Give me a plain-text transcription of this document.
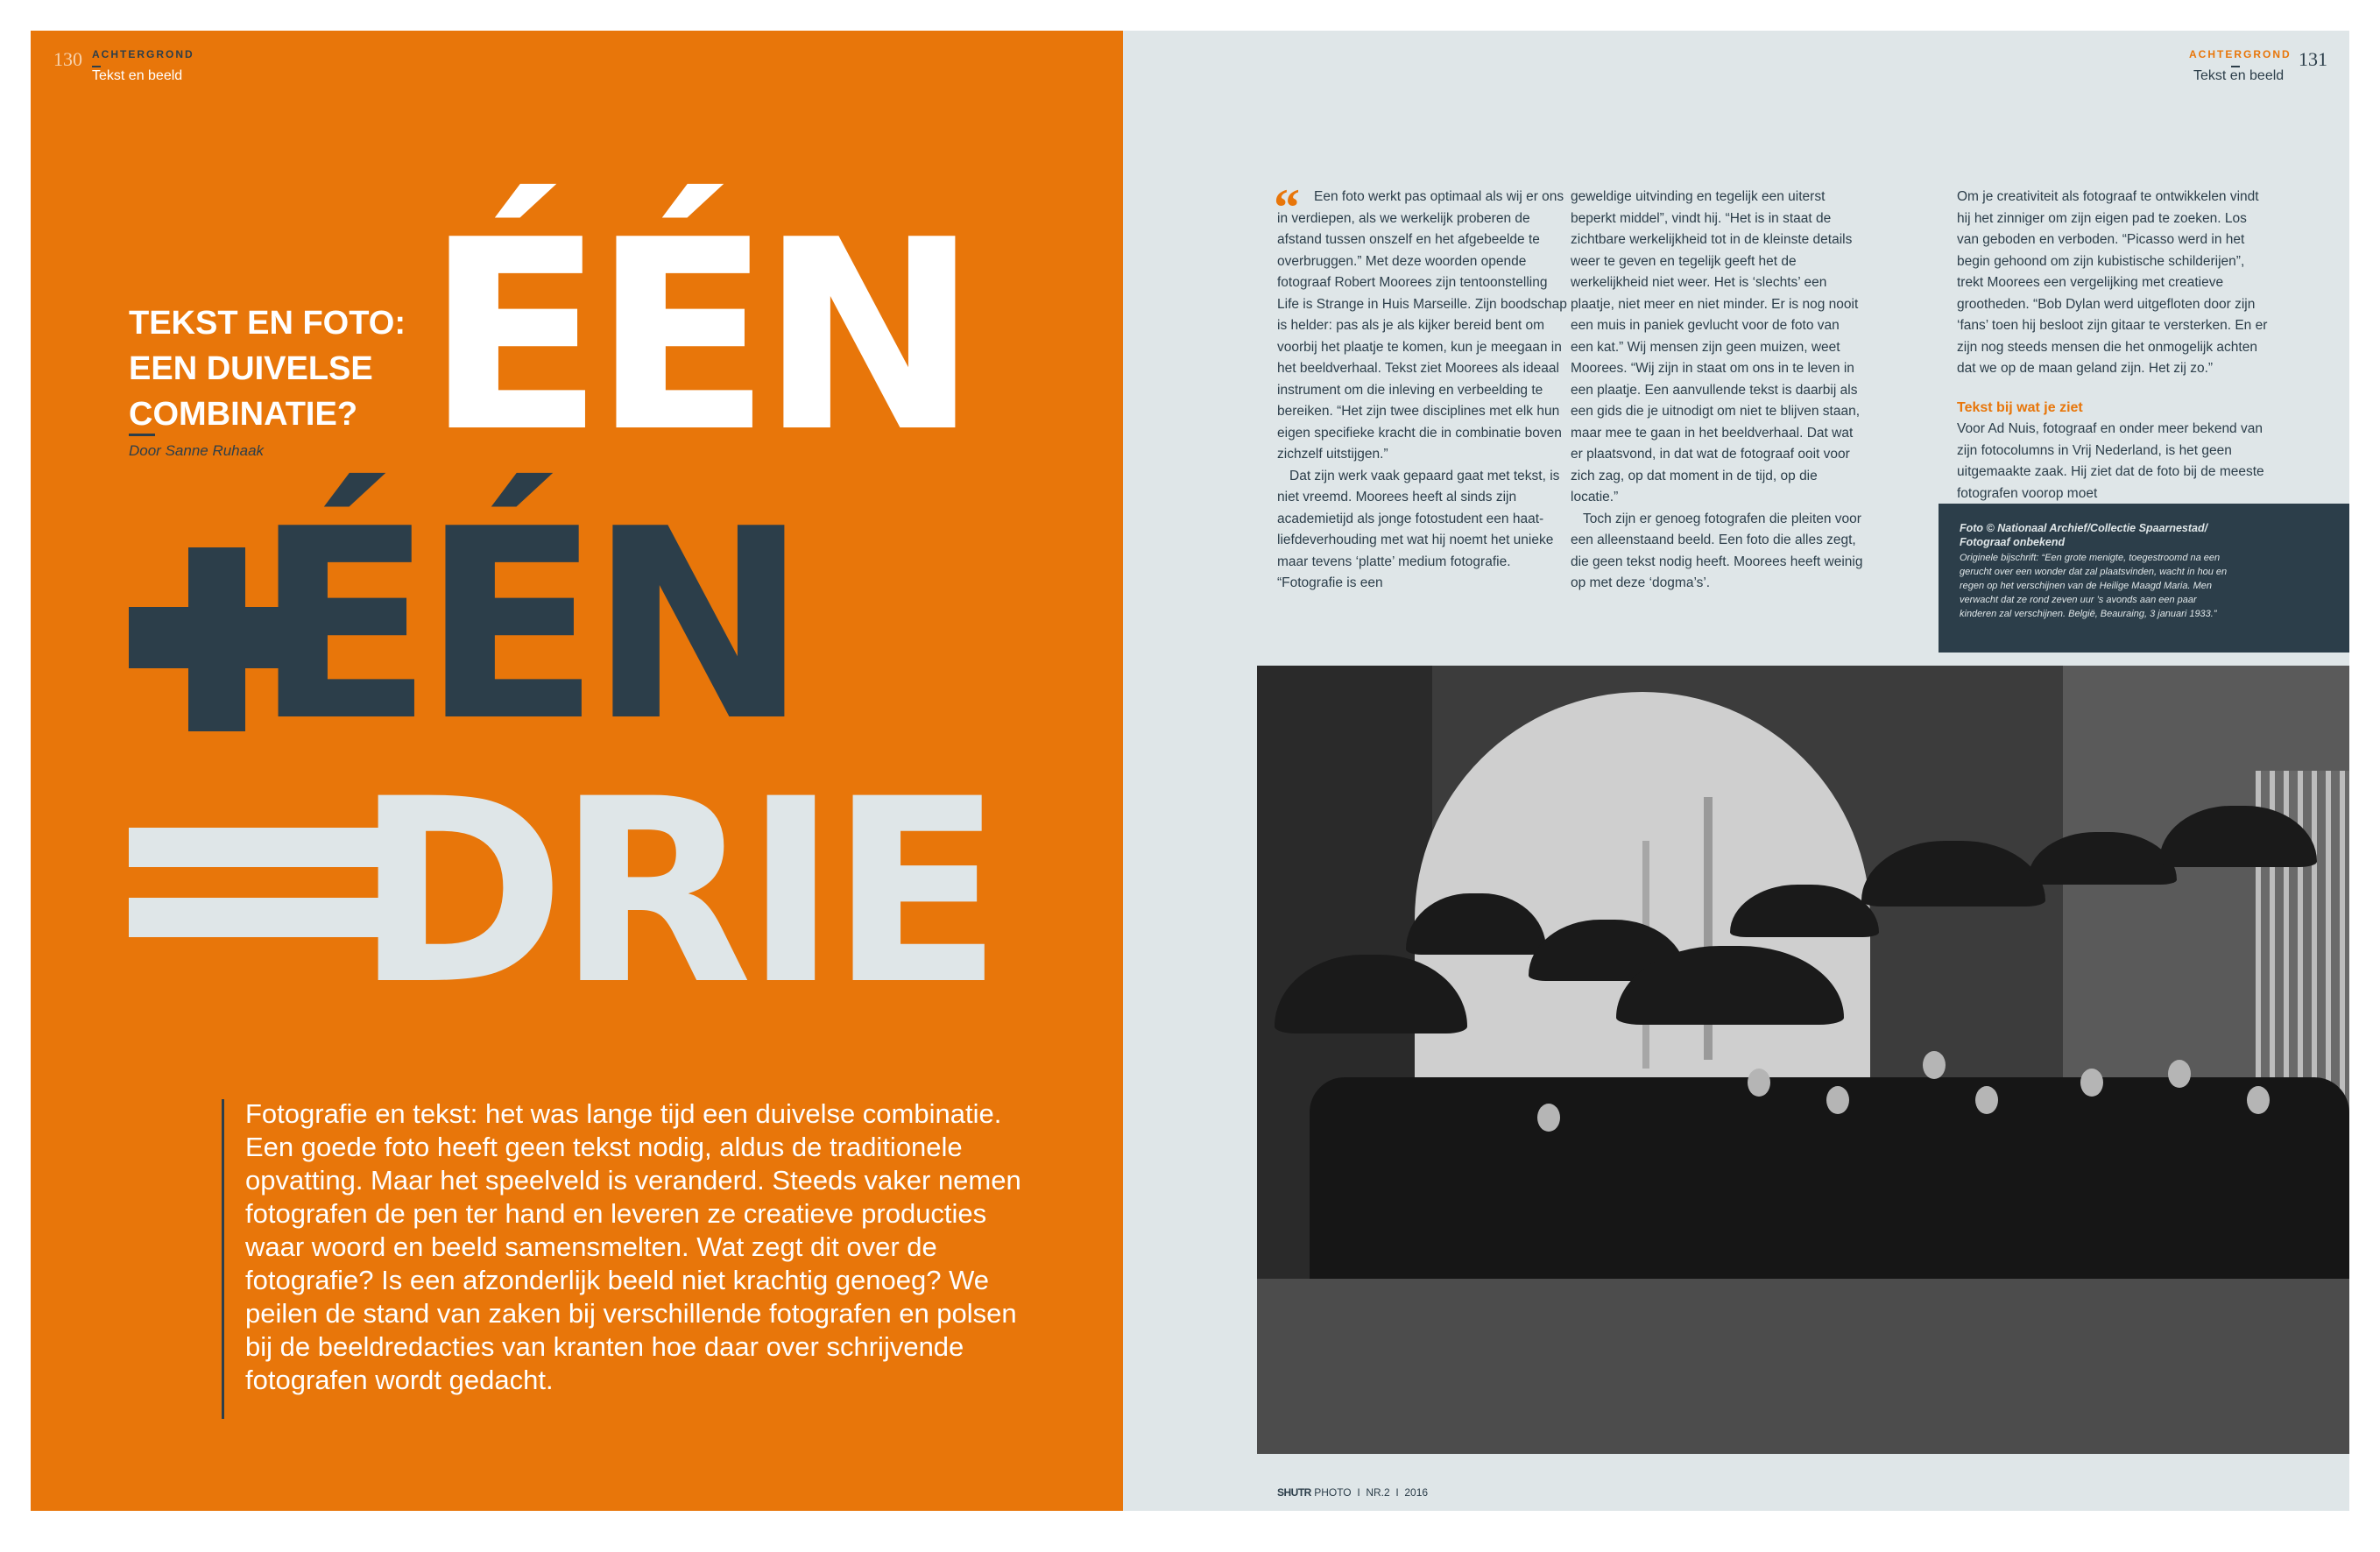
130 ACHTERGROND
Tekst en beeld
TEKST EN FOTO:
EEN DUIVELSE
COMBINATIE?
Door Sanne Ruhaak ÉÉN
ÉÉN
DRIE
Fotografie en tekst: het was lange tijd een duivelse combinatie. Een goede foto heeft geen tekst nodig, aldus de traditionele opvatting. Maar het speelveld is veranderd. Steeds vaker nemen fotografen de pen ter hand en leveren ze creatieve producties waar woord en beeld samensmelten. Wat zegt dit over de fotografie? Is een afzonderlijk beeld niet krachtig genoeg? We peilen de stand van zaken bij verschillende fotografen en polsen bij de beeldredacties van kranten hoe daar over schrijvende fotografen wordt gedacht.
ACHTERGROND
Tekst en beeld
131
“	Een foto werkt pas optimaal als wij er ons in verdiepen, als we werkelijk proberen de afstand tussen onszelf en het afgebeelde te overbruggen.” Met deze woorden opende fotograaf Robert Moorees zijn tentoonstelling Life is Strange in Huis Marseille. Zijn boodschap is helder: pas als je als kijker bereid bent om voorbij het plaatje te komen, kun je meegaan in het beeldverhaal. Tekst ziet Moorees als ideaal instrument om die inleving en verbeelding te bereiken. “Het zijn twee disciplines met elk hun eigen specifieke kracht die in combinatie boven zichzelf uitstijgen.”

Dat zijn werk vaak gepaard gaat met tekst, is niet vreemd. Moorees heeft al sinds zijn academietijd als jonge fotostudent een haat-liefdeverhouding met wat hij noemt het unieke maar tevens ‘platte’ medium fotografie. “Fotografie is een

geweldige uitvinding en tegelijk een uiterst beperkt middel”, vindt hij. “Het is in staat de zichtbare werkelijkheid tot in de kleinste details weer te geven en tegelijk geeft het de werkelijkheid niet weer. Het is ‘slechts’ een plaatje, niet meer en niet minder. Er is nog nooit een muis in paniek gevlucht voor de foto van een kat.” Wij mensen zijn geen muizen, weet Moorees. “Wij zijn in staat om ons in te leven in een plaatje. Een aanvullende tekst is daarbij als een gids die je uitnodigt om niet te blijven staan, maar mee te gaan in het beeldverhaal. Dat wat er plaatsvond, in dat wat de fotograaf ooit voor zich zag, op dat moment in de tijd, op die locatie.”

Toch zijn er genoeg fotografen die pleiten voor een alleenstaand beeld. Een foto die alles zegt, die geen tekst nodig heeft. Moorees heeft weinig op met deze ‘dogma’s’.

Om je creativiteit als fotograaf te ontwikkelen vindt hij het zinniger om zijn eigen pad te zoeken. Los van geboden en verboden. “Picasso werd in het begin gehoond om zijn kubistische schilderijen”, trekt Moorees een vergelijking met creatieve grootheden. “Bob Dylan werd uitgefloten door zijn ‘fans’ toen hij besloot zijn gitaar te versterken. En er zijn nog steeds mensen die het onmogelijk achten dat we op de maan geland zijn. Het zij zo.”

Tekst bij wat je ziet

Voor Ad Nuis, fotograaf en onder meer bekend van zijn fotocolumns in Vrij Nederland, is het geen uitgemaakte zaak. Hij ziet dat de foto bij de meeste fotografen voorop moet

Foto © Nationaal Archief/Collectie Spaarnestad/ Fotograaf onbekend
Originele bijschrift: “Een grote menigte, toegestroomd na een gerucht over een wonder dat zal plaatsvinden, wacht in hou en regen op het verschijnen van de Heilige Maagd Maria. Men verwacht dat ze rond zeven uur ’s avonds aan een paar kinderen zal verschijnen. België, Beauraing, 3 januari 1933.”
SHUTR PHOTO I NR.2 I 2016
